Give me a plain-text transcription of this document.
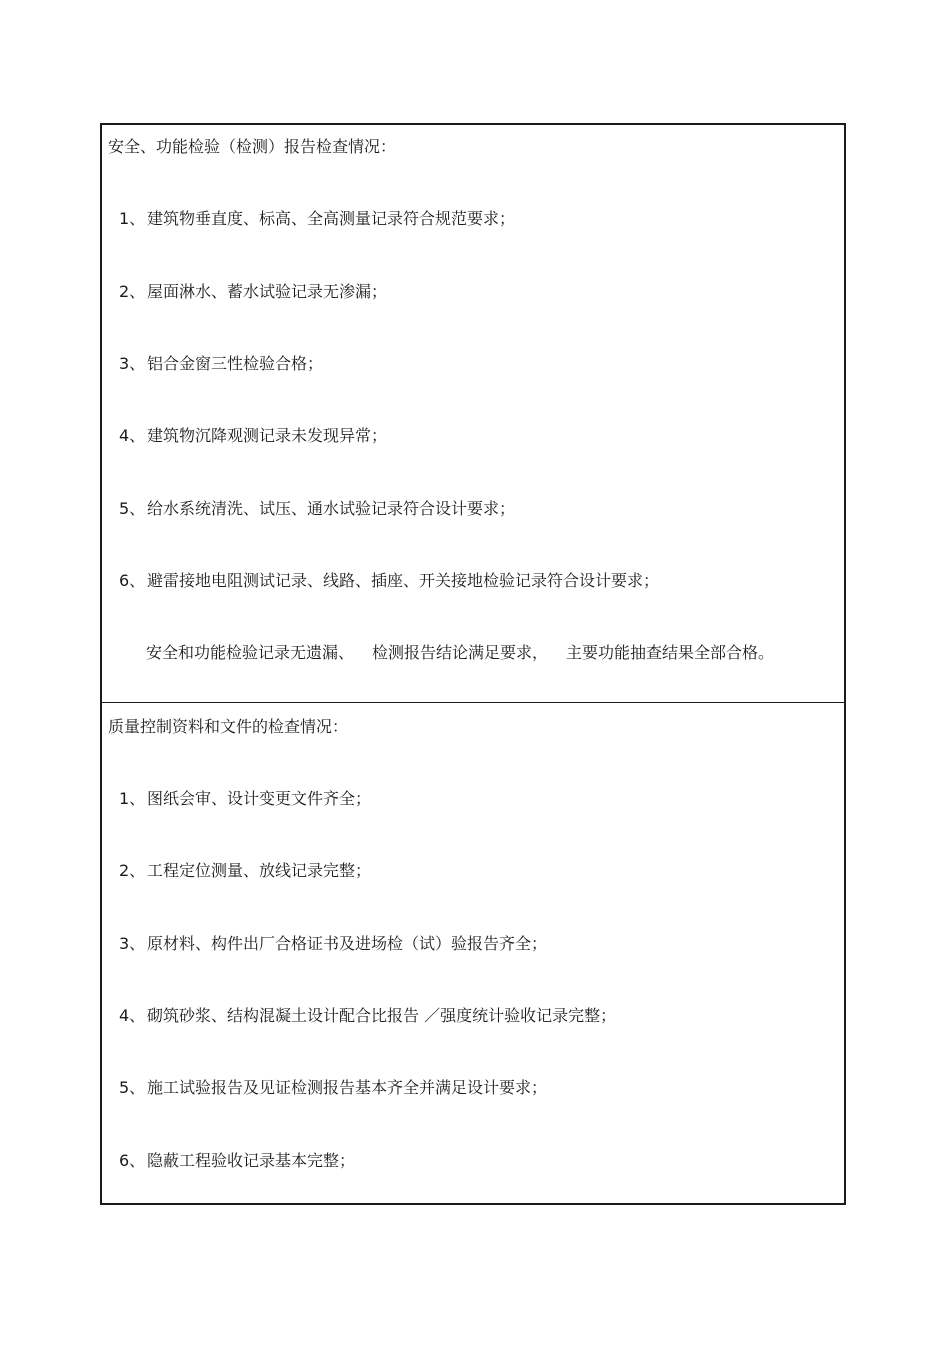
安全、功能检验（检测）报告检查情况：
1、 建筑物垂直度、标高、全高测量记录符合规范要求；
2、 屋面淋水、蓄水试验记录无渗漏；
3、 铝合金窗三性检验合格；
4、 建筑物沉降观测记录未发现异常；
5、 给水系统清洗、试压、通水试验记录符合设计要求；
6、 避雷接地电阻测试记录、线路、插座、开关接地检验记录符合设计要求；
安全和功能检验记录无遗漏、 检测报告结论满足要求， 主要功能抽查结果全部合格。
质量控制资料和文件的检查情况：
1、 图纸会审、设计变更文件齐全；
2、 工程定位测量、放线记录完整；
3、 原材料、构件出厂合格证书及进场检（试）验报告齐全；
4、 砌筑砂浆、结构混凝土设计配合比报告 ／强度统计验收记录完整；
5、 施工试验报告及见证检测报告基本齐全并满足设计要求；
6、 隐蔽工程验收记录基本完整；
